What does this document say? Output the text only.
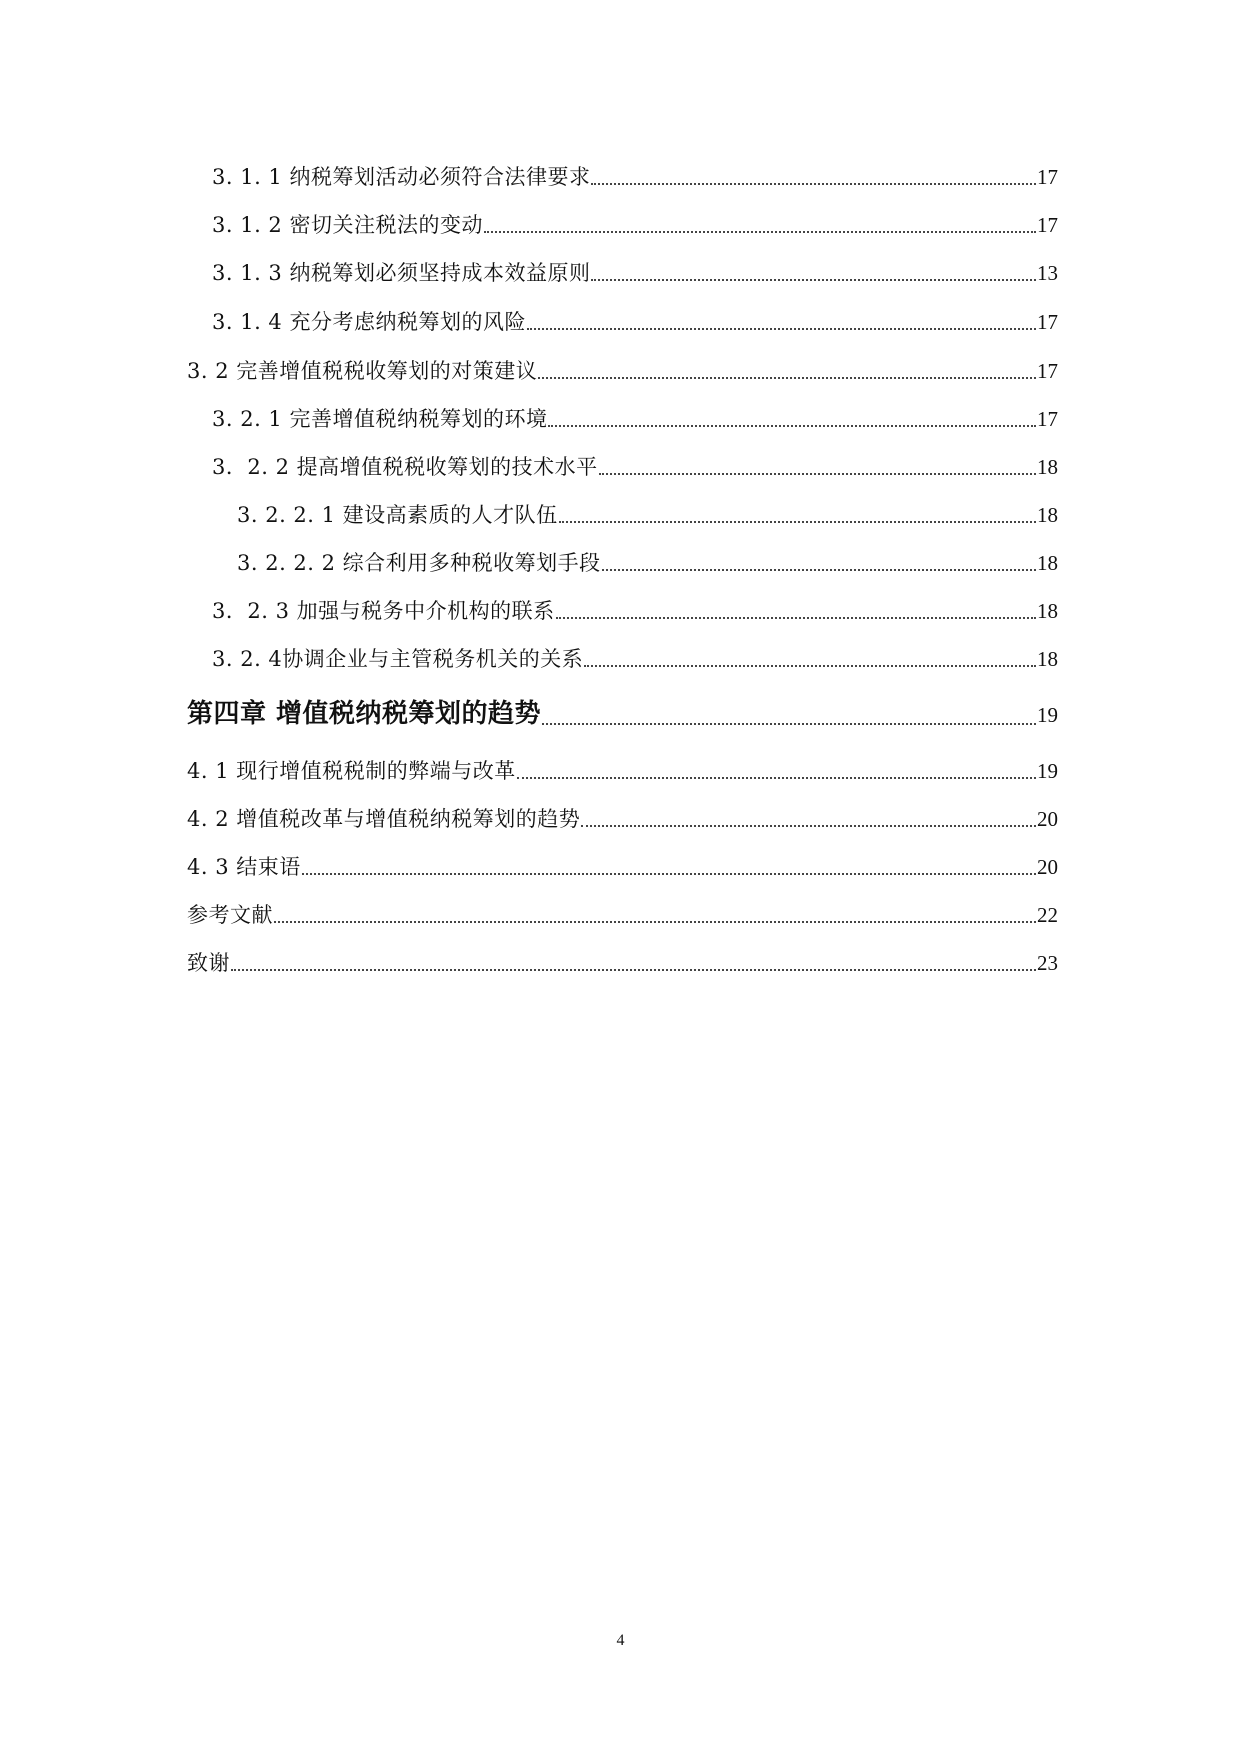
3. 1. 1 纳税筹划活动必须符合法律要求	17
3. 1. 2 密切关注税法的变动	17
3. 1. 3 纳税筹划必须坚持成本效益原则	13
3. 1. 4 充分考虑纳税筹划的风险	17
3. 2 完善增值税税收筹划的对策建议	17
3. 2. 1 完善增值税纳税筹划的环境	17
3．2. 2 提高增值税税收筹划的技术水平	18
3. 2. 2. 1 建设高素质的人才队伍	18
3. 2. 2. 2 综合利用多种税收筹划手段	18
3．2. 3 加强与税务中介机构的联系	18
3. 2. 4协调企业与主管税务机关的关系	18
第四章 增值税纳税筹划的趋势	19
4. 1 现行增值税税制的弊端与改革	19
4. 2 增值税改革与增值税纳税筹划的趋势	20
4. 3 结束语	20
参考文献	22
致谢	23
4
